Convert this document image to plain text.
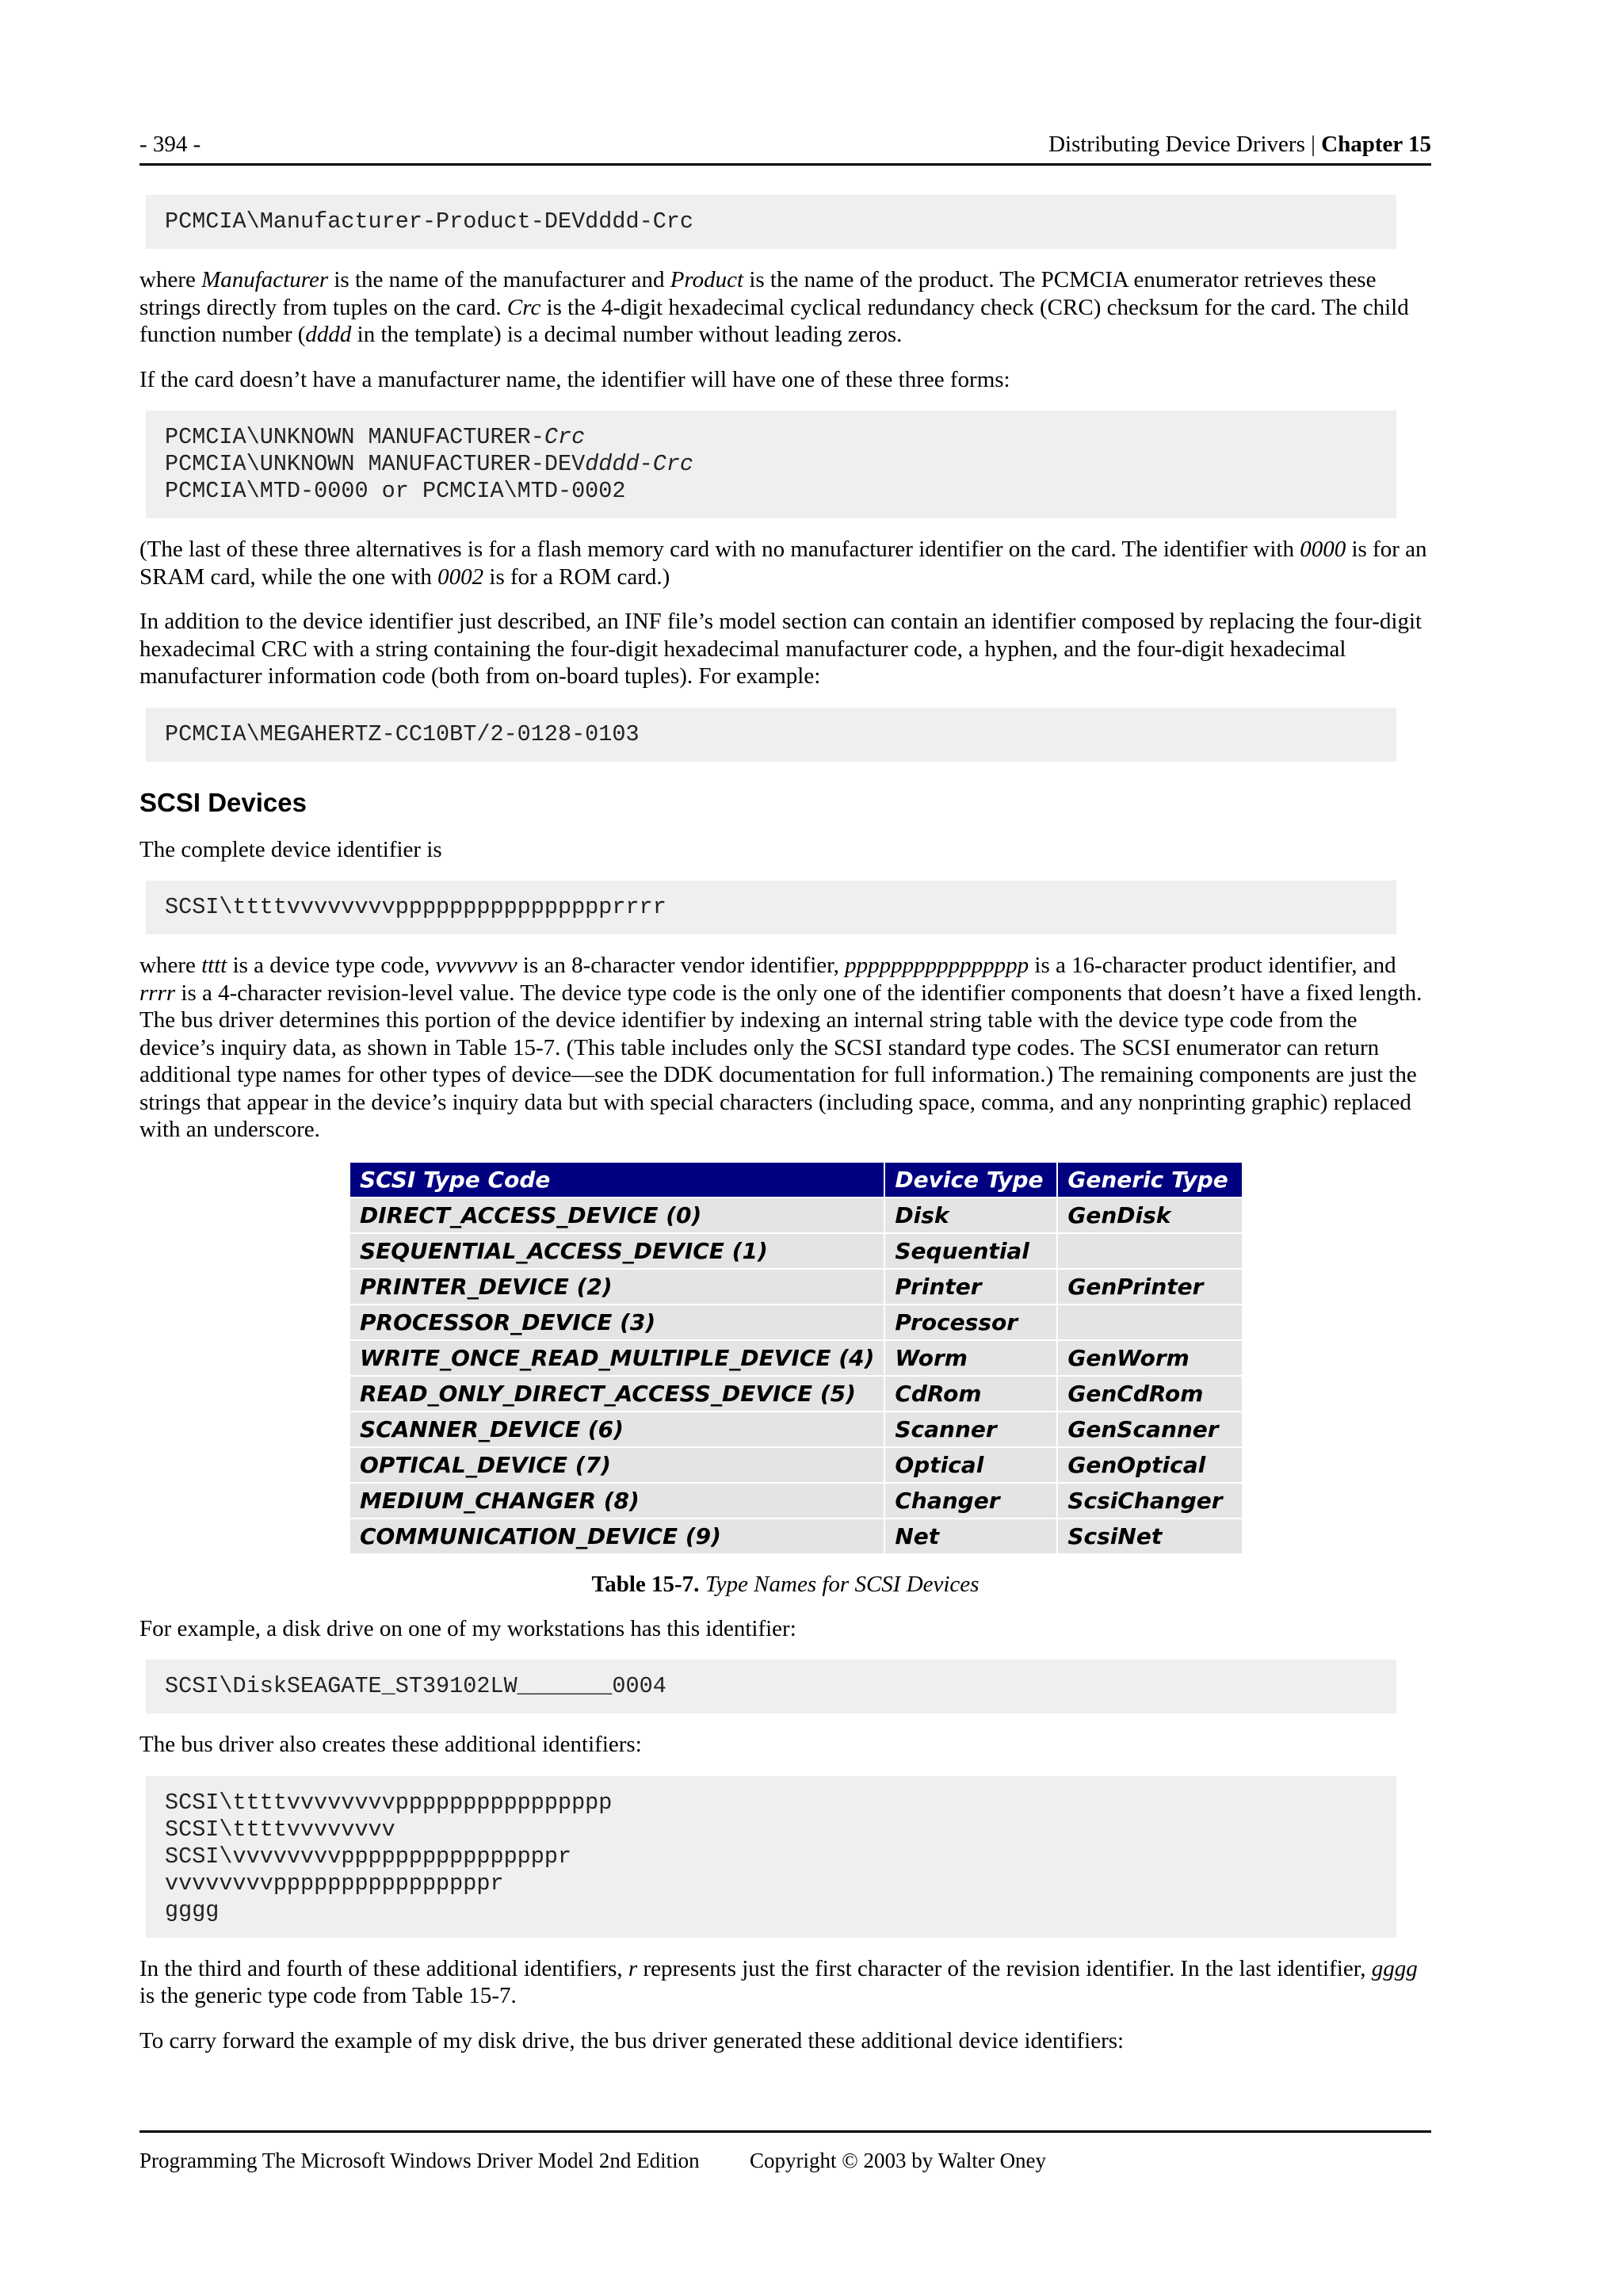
- 394 -	Distributing Device Drivers | Chapter 15
PCMCIA\Manufacturer-Product-DEVdddd-Crc

where Manufacturer is the name of the manufacturer and Product is the name of the product. The PCMCIA enumerator retrieves these strings directly from tuples on the card. Crc is the 4-digit hexadecimal cyclical redundancy check (CRC) checksum for the card. The child function number (dddd in the template) is a decimal number without leading zeros.

If the card doesn’t have a manufacturer name, the identifier will have one of these three forms:

PCMCIA\UNKNOWN MANUFACTURER-Crc
PCMCIA\UNKNOWN MANUFACTURER-DEVdddd-Crc
PCMCIA\MTD-0000 or PCMCIA\MTD-0002

(The last of these three alternatives is for a flash memory card with no manufacturer identifier on the card. The identifier with 0000 is for an SRAM card, while the one with 0002 is for a ROM card.)

In addition to the device identifier just described, an INF file’s model section can contain an identifier composed by replacing the four-digit hexadecimal CRC with a string containing the four-digit hexadecimal manufacturer code, a hyphen, and the four-digit hexadecimal manufacturer information code (both from on-board tuples). For example:

PCMCIA\MEGAHERTZ-CC10BT/2-0128-0103
SCSI Devices

The complete device identifier is

SCSI\ttttvvvvvvvvpppppppppppppppprrrr

where tttt is a device type code, vvvvvvvv is an 8-character vendor identifier, pppppppppppppppp is a 16-character product identifier, and rrrr is a 4-character revision-level value. The device type code is the only one of the identifier components that doesn’t have a fixed length. The bus driver determines this portion of the device identifier by indexing an internal string table with the device type code from the device’s inquiry data, as shown in Table 15-7. (This table includes only the SCSI standard type codes. The SCSI enumerator can return additional type names for other types of device—see the DDK documentation for full information.) The remaining components are just the strings that appear in the device’s inquiry data but with special characters (including space, comma, and any nonprinting graphic) replaced with an underscore.

SCSI Type Code	Device Type	Generic Type
DIRECT_ACCESS_DEVICE (0)	Disk	GenDisk
SEQUENTIAL_ACCESS_DEVICE (1)	Sequential	
PRINTER_DEVICE (2)	Printer	GenPrinter
PROCESSOR_DEVICE (3)	Processor	
WRITE_ONCE_READ_MULTIPLE_DEVICE (4)	Worm	GenWorm
READ_ONLY_DIRECT_ACCESS_DEVICE (5)	CdRom	GenCdRom
SCANNER_DEVICE (6)	Scanner	GenScanner
OPTICAL_DEVICE (7)	Optical	GenOptical
MEDIUM_CHANGER (8)	Changer	ScsiChanger
COMMUNICATION_DEVICE (9)	Net	ScsiNet
Table 15-7. Type Names for SCSI Devices

For example, a disk drive on one of my workstations has this identifier:

SCSI\DiskSEAGATE_ST39102LW_______0004

The bus driver also creates these additional identifiers:

SCSI\ttttvvvvvvvvpppppppppppppppp
SCSI\ttttvvvvvvvv
SCSI\vvvvvvvvppppppppppppppppr
vvvvvvvvppppppppppppppppr
gggg

In the third and fourth of these additional identifiers, r represents just the first character of the revision identifier. In the last identifier, gggg is the generic type code from Table 15-7.

To carry forward the example of my disk drive, the bus driver generated these additional device identifiers:

Programming The Microsoft Windows Driver Model 2nd Edition Copyright © 2003 by Walter Oney
